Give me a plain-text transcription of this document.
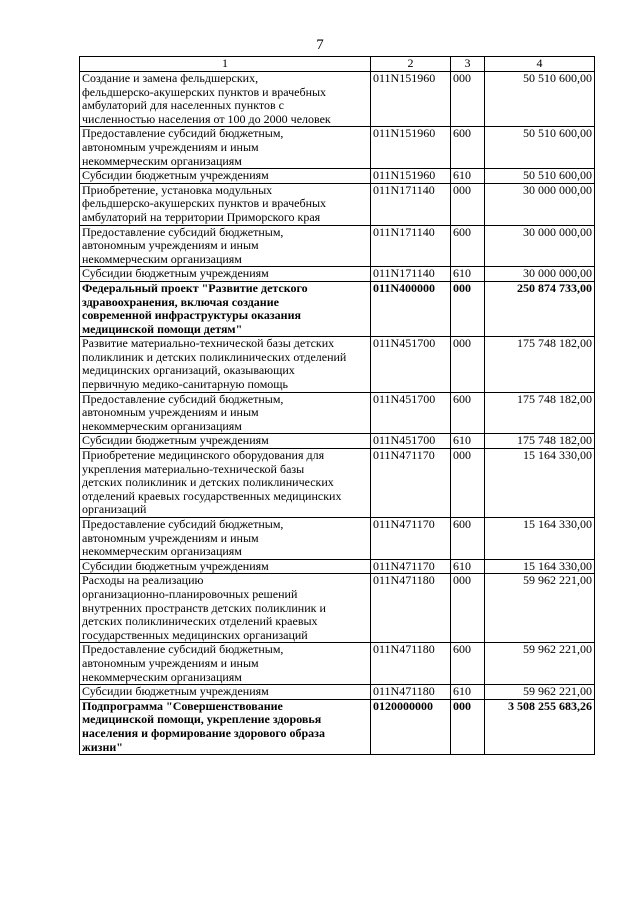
7
1	2	3	4

Создание и замена фельдшерских,
фельдшерско-акушерских пунктов и врачебных
амбулаторий для населенных пунктов с
численностью населения от 100 до 2000 человек	011N151960	000	50 510 600,00

Предоставление субсидий бюджетным,
автономным учреждениям и иным
некоммерческим организациям	011N151960	600	50 510 600,00

Субсидии бюджетным учреждениям	011N151960	610	50 510 600,00

Приобретение, установка модульных
фельдшерско-акушерских пунктов и врачебных
амбулаторий на территории Приморского края	011N171140	000	30 000 000,00

Предоставление субсидий бюджетным,
автономным учреждениям и иным
некоммерческим организациям	011N171140	600	30 000 000,00

Субсидии бюджетным учреждениям	011N171140	610	30 000 000,00

Федеральный проект "Развитие детского
здравоохранения, включая создание
современной инфраструктуры оказания
медицинской помощи детям"	011N400000	000	250 874 733,00

Развитие материально-технической базы детских
поликлиник и детских поликлинических отделений
медицинских организаций, оказывающих
первичную медико-санитарную помощь	011N451700	000	175 748 182,00

Предоставление субсидий бюджетным,
автономным учреждениям и иным
некоммерческим организациям	011N451700	600	175 748 182,00

Субсидии бюджетным учреждениям	011N451700	610	175 748 182,00

Приобретение медицинского оборудования для
укрепления материально-технической базы
детских поликлиник и детских поликлинических
отделений краевых государственных медицинских
организаций	011N471170	000	15 164 330,00

Предоставление субсидий бюджетным,
автономным учреждениям и иным
некоммерческим организациям	011N471170	600	15 164 330,00

Субсидии бюджетным учреждениям	011N471170	610	15 164 330,00

Расходы на реализацию
организационно-планировочных решений
внутренних пространств детских поликлиник и
детских поликлинических отделений краевых
государственных медицинских организаций	011N471180	000	59 962 221,00

Предоставление субсидий бюджетным,
автономным учреждениям и иным
некоммерческим организациям	011N471180	600	59 962 221,00

Субсидии бюджетным учреждениям	011N471180	610	59 962 221,00

Подпрограмма "Совершенствование
медицинской помощи, укрепление здоровья
населения и формирование здорового образа
жизни"	0120000000	000	3 508 255 683,26
